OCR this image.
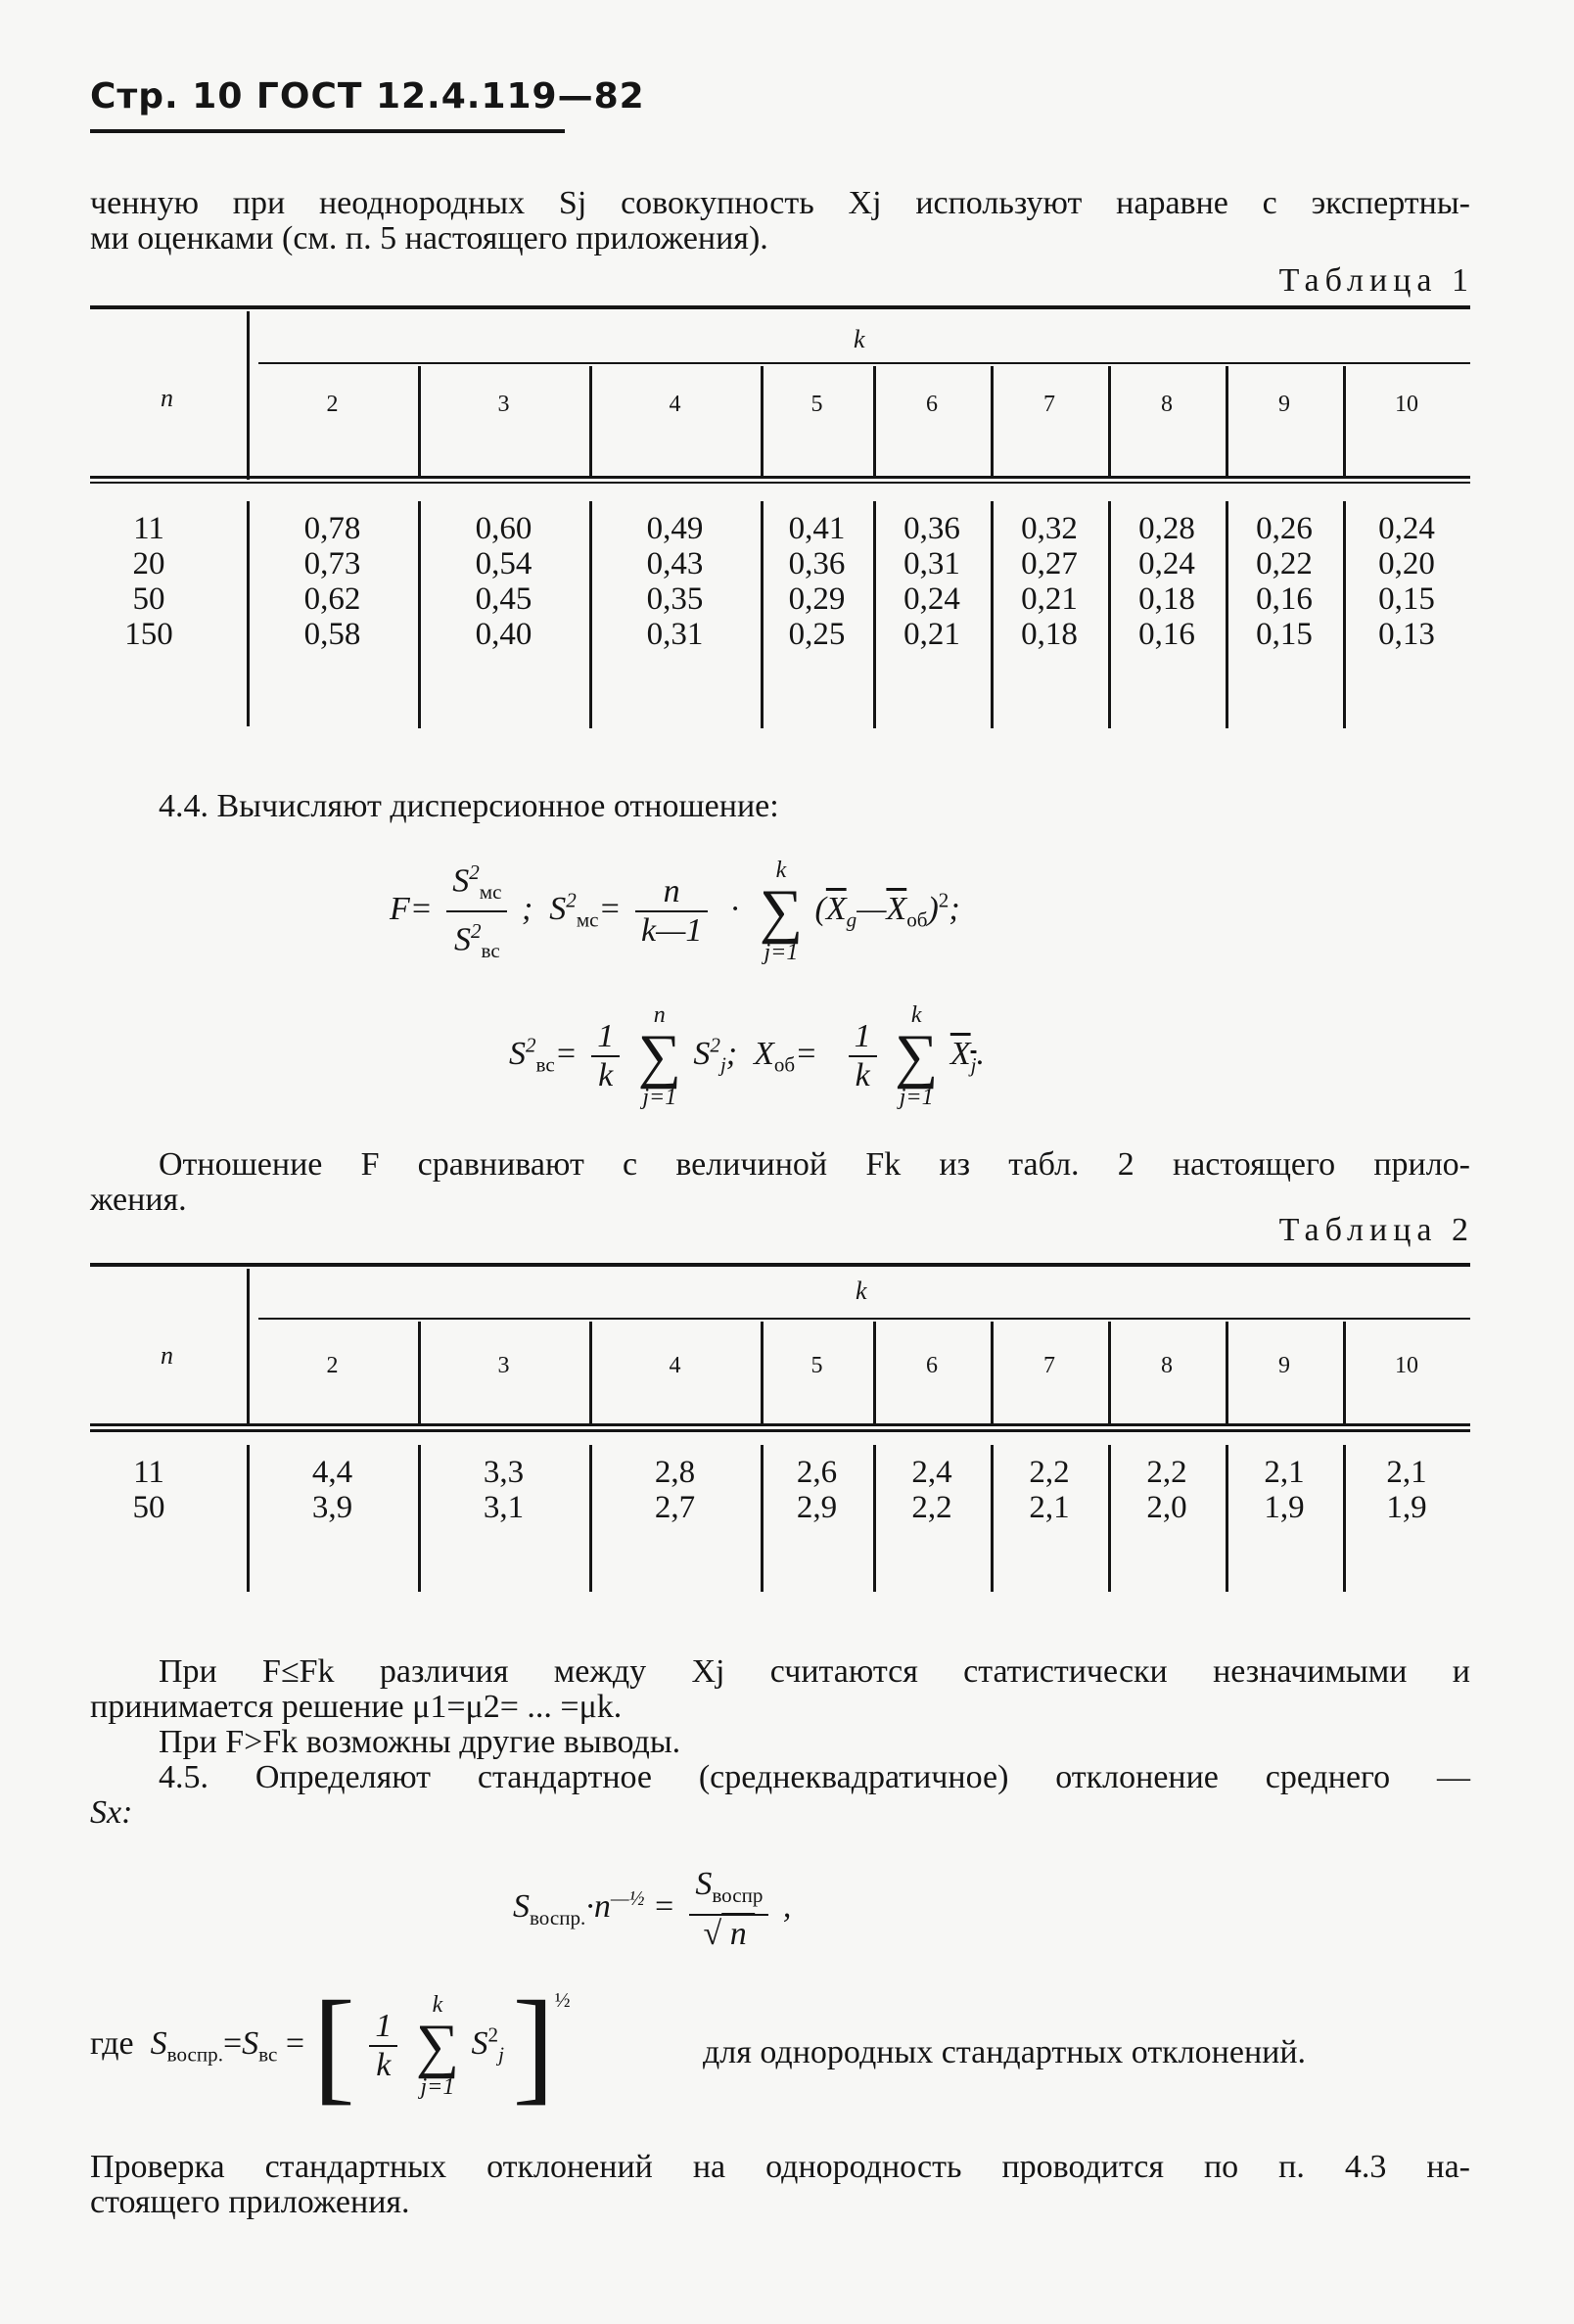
Стр. 10 ГОСТ 12.4.119—82
ченную при неоднородных Sj совокупность Xj используют наравне с экспертны-
ми оценками (см. п. 5 настоящего приложения).
Таблица 1
k
n	2	3	4	5	6	7	8	9	10
11	0,78	0,60	0,49	0,41	0,36	0,32	0,28	0,26	0,24
20	0,73	0,54	0,43	0,36	0,31	0,27	0,24	0,22	0,20
50	0,62	0,45	0,35	0,29	0,24	0,21	0,18	0,16	0,15
150	0,58	0,40	0,31	0,25	0,21	0,18	0,16	0,15	0,13
4.4. Вычисляют дисперсионное отношение:
$F= \frac{S^2_{мс}}{S^2_{вс}}$ ;  $S^2_{мс}= \frac{n}{k—1}$ ·
k
∑
j=1
$(\overline{X}_g—\overline{X}_{об})^2$;
$S^2_{вс}= \frac{1}{k}$

n
∑
j=1
$S^2_j$;  $X_{об}= \frac{1}{k}$

k
∑
j=1
$X_j$.
Отношение F сравнивают с величиной Fk из табл. 2 настоящего прило-
жения.
Таблица 2
k
n	2	3	4	5	6	7	8	9	10
11	4,4	3,3	2,8	2,6	2,4	2,2	2,2	2,1	2,1
50	3,9	3,1	2,7	2,9	2,2	2,1	2,0	1,9	1,9
При F≤Fk различия между Xj считаются статистически незначимыми и
принимается решение μ1=μ2= ... =μk.
При F>Fk возможны другие выводы.
4.5. Определяют стандартное (среднеквадратичное) отклонение среднего —
Sx:
$S_{воспр.}\cdot n^{—\frac{1}{2}} = \frac{S_{воспр}}{√ n}$ ,
где $S_{воспр.}=S_{вс}$ = [ $\frac{1}{k}$

k
∑
j=1
$S^2_j$ ]$^{\frac{1}{2}}$
для однородных стандартных отклонений.
Проверка стандартных отклонений на однородность проводится по п. 4.3 на-
стоящего приложения.
